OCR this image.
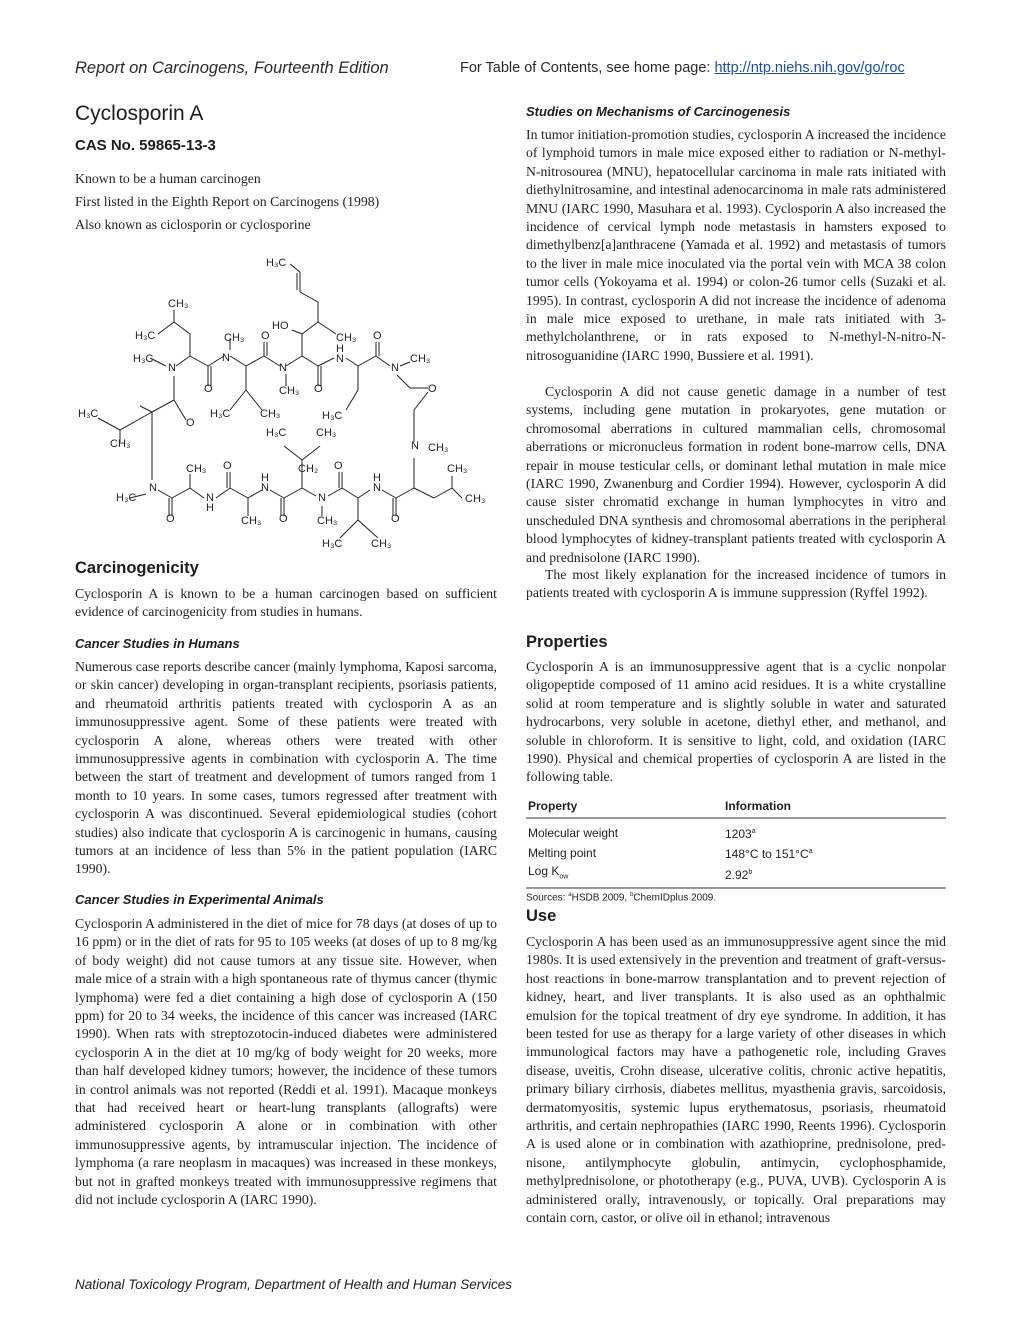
Report on Carcinogens, Fourteenth Edition	For Table of Contents, see home page: http://ntp.niehs.nih.gov/go/roc
Cyclosporin A
CAS No. 59865-13-3
Known to be a human carcinogen
First listed in the Eighth Report on Carcinogens (1998)
Also known as ciclosporin or cyclosporine
H₃C
CH₃
H₃C	CH₃
HO
CH₃
O	O
H₃C
N
N
N
H
N
N
CH₃
O	CH₃ O	O
H₃C
O
H₃C	CH₃	H₃C
H₃C	CH₃
CH₃	N CH₃
CH₃ O	CH₂ O	CH₃
N
H
N
N
H
N
H₃C	N
H
CH₃
O	CH₃ O	CH₃	O
H₃C	CH₃
Carcinogenicity

Cyclosporin A is known to be a human carcinogen based on sufficient evidence of carcinogenicity from studies in humans.

Cancer Studies in Humans

Numerous case reports describe cancer (mainly lymphoma, Kaposi sarcoma, or skin cancer) developing in organ-transplant recipients, psoriasis patients, and rheumatoid arthritis patients treated with cyclosporin A as an immunosuppressive agent. Some of these patients were treated with cyclosporin A alone, whereas others were treated with other immunosuppressive agents in combination with cyclosporin A. The time between the start of treatment and development of tumors ranged from 1 month to 10 years. In some cases, tumors regressed after treatment with cyclosporin A was discontinued. Several epidemiological studies (cohort studies) also indicate that cyclosporin A is carcinogenic in humans, causing tumors at an incidence of less than 5% in the patient population (IARC 1990).

Cancer Studies in Experimental Animals

Cyclosporin A administered in the diet of mice for 78 days (at doses of up to 16 ppm) or in the diet of rats for 95 to 105 weeks (at doses of up to 8 mg/kg of body weight) did not cause tumors at any tissue site. However, when male mice of a strain with a high spontaneous rate of thymus cancer (thymic lymphoma) were fed a diet containing a high dose of cyclosporin A (150 ppm) for 20 to 34 weeks, the incidence of this cancer was increased (IARC 1990). When rats with streptozotocin-induced diabetes were administered cyclosporin A in the diet at 10 mg/kg of body weight for 20 weeks, more than half developed kidney tumors; however, the incidence of these tumors in control animals was not reported (Reddi et al. 1991). Macaque monkeys that had received heart or heart-lung transplants (allografts) were administered cyclosporin A alone or in combination with other immunosuppressive agents, by intramuscular injection. The incidence of lymphoma (a rare neoplasm in macaques) was increased in these monkeys, but not in grafted monkeys treated with immunosuppressive regimens that did not include cyclosporin A (IARC 1990).

Studies on Mechanisms of Carcinogenesis

In tumor initiation-promotion studies, cyclosporin A increased the incidence of lymphoid tumors in male mice exposed either to radiation or N-methyl-N-nitrosourea (MNU), hepatocellular carcinoma in male rats initiated with diethylnitrosamine, and intestinal adenocarcinoma in male rats administered MNU (IARC 1990, Masuhara et al. 1993). Cyclosporin A also increased the incidence of cervical lymph node metastasis in hamsters exposed to dimethylbenz[a]anthracene (Yamada et al. 1992) and metastasis of tumors to the liver in male mice inoculated via the portal vein with MCA 38 colon tumor cells (Yokoyama et al. 1994) or colon-26 tumor cells (Suzaki et al. 1995). In contrast, cyclosporin A did not increase the incidence of adenoma in male mice exposed to urethane, in male rats initiated with 3-methylcholanthrene, or in rats exposed to N-methyl-N-nitro-N-nitrosoguanidine (IARC 1990, Bussiere et al. 1991).

Cyclosporin A did not cause genetic damage in a number of test systems, including gene mutation in prokaryotes, gene mutation or chromosomal aberrations in cultured mammalian cells, chromosomal aberrations or micronucleus formation in rodent bone-marrow cells, DNA repair in mouse testicular cells, or dominant lethal mutation in male mice (IARC 1990, Zwanenburg and Cordier 1994). However, cyclosporin A did cause sister chromatid exchange in human lymphocytes in vitro and unscheduled DNA synthesis and chromosomal aberrations in the peripheral blood lymphocytes of kidney-transplant patients treated with cyclosporin A and prednisolone (IARC 1990).

The most likely explanation for the increased incidence of tumors in patients treated with cyclosporin A is immune suppression (Ryffel 1992).

Properties

Cyclosporin A is an immunosuppressive agent that is a cyclic nonpolar oligopeptide composed of 11 amino acid residues. It is a white crystalline solid at room temperature and is slightly soluble in water and saturated hydrocarbons, very soluble in acetone, diethyl ether, and methanol, and soluble in chloroform. It is sensitive to light, cold, and oxidation (IARC 1990). Physical and chemical properties of cyclosporin A are listed in the following table.

Property	Information
Molecular weight	1203$^a$
Melting point	148°C to $151^\circ C^a$
Log $K_{ow}$	2.92$^b$
Sources: $^a$HSDB 2009, $^b$ChemIDplus 2009.
Use

Cyclosporin A has been used as an immunosuppressive agent since the mid 1980s. It is used extensively in the prevention and treatment of graft-versus-host reactions in bone-marrow transplantation and to prevent rejection of kidney, heart, and liver transplants. It is also used as an ophthalmic emulsion for the topical treatment of dry eye syndrome. In addition, it has been tested for use as therapy for a large variety of other diseases in which immunological factors may have a pathogenetic role, including Graves disease, uveitis, Crohn disease, ulcerative colitis, chronic active hepatitis, primary biliary cirrhosis, diabetes mellitus, myasthenia gravis, sarcoidosis, dermatomyositis, systemic lupus erythematosus, psoriasis, rheumatoid arthritis, and certain nephropathies (IARC 1990, Reents 1996). Cyclosporin A is used alone or in combination with azathioprine, prednisolone, prednisone, antilymphocyte globulin, antimycin, cyclophosphamide, methylprednisolone, or phototherapy (e.g., PUVA, UVB). Cyclosporin A is administered orally, intravenously, or topically. Oral preparations may contain corn, castor, or olive oil in ethanol; intravenous

National Toxicology Program, Department of Health and Human Services
